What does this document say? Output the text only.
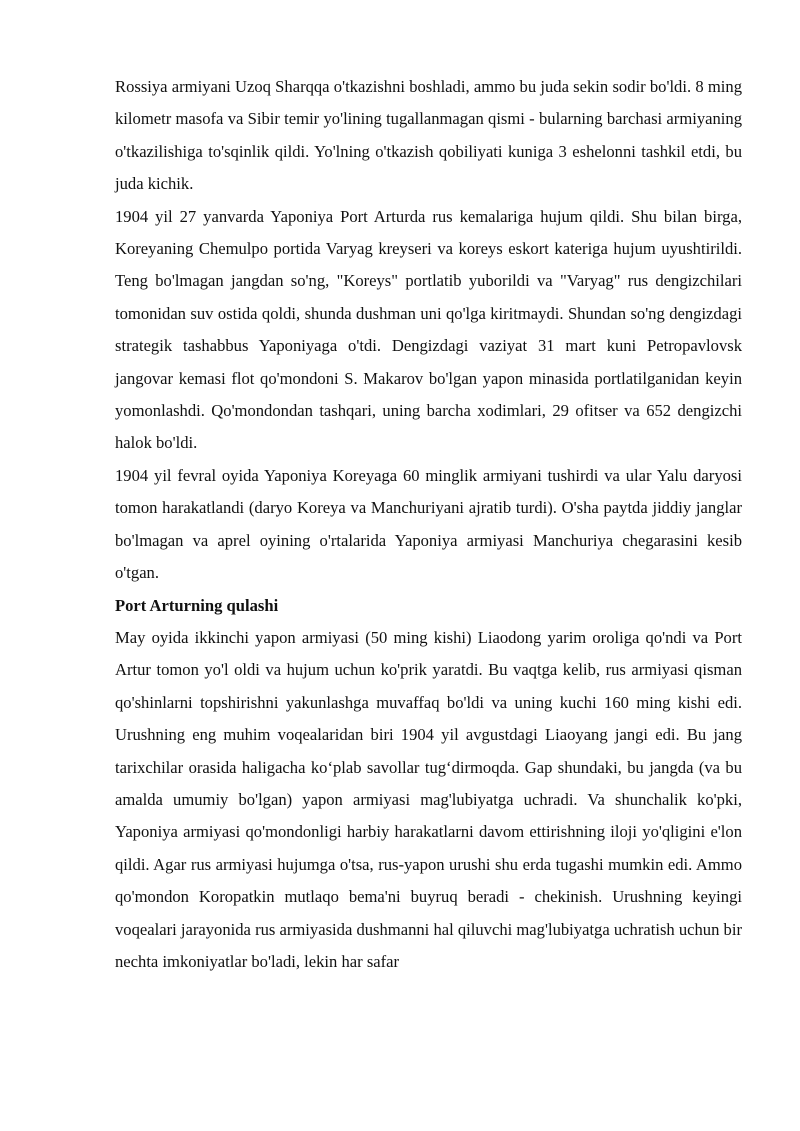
Rossiya armiyani Uzoq Sharqqa o'tkazishni boshladi, ammo bu juda sekin sodir bo'ldi. 8 ming kilometr masofa va Sibir temir yo'lining tugallanmagan qismi - bularning barchasi armiyaning o'tkazilishiga to'sqinlik qildi. Yo'lning o'tkazish qobiliyati kuniga 3 eshelonni tashkil etdi, bu juda kichik.

1904 yil 27 yanvarda Yaponiya Port Arturda rus kemalariga hujum qildi. Shu bilan birga, Koreyaning Chemulpo portida Varyag kreyseri va koreys eskort kateriga hujum uyushtirildi. Teng bo'lmagan jangdan so'ng, "Koreys" portlatib yuborildi va "Varyag" rus dengizchilari tomonidan suv ostida qoldi, shunda dushman uni qo'lga kiritmaydi. Shundan so'ng dengizdagi strategik tashabbus Yaponiyaga o'tdi. Dengizdagi vaziyat 31 mart kuni Petropavlovsk jangovar kemasi flot qo'mondoni S. Makarov bo'lgan yapon minasida portlatilganidan keyin yomonlashdi. Qo'mondondan tashqari, uning barcha xodimlari, 29 ofitser va 652 dengizchi halok bo'ldi.

1904 yil fevral oyida Yaponiya Koreyaga 60 minglik armiyani tushirdi va ular Yalu daryosi tomon harakatlandi (daryo Koreya va Manchuriyani ajratib turdi). O'sha paytda jiddiy janglar bo'lmagan va aprel oyining o'rtalarida Yaponiya armiyasi Manchuriya chegarasini kesib o'tgan.

Port Arturning qulashi

May oyida ikkinchi yapon armiyasi (50 ming kishi) Liaodong yarim oroliga qo'ndi va Port Artur tomon yo'l oldi va hujum uchun ko'prik yaratdi. Bu vaqtga kelib, rus armiyasi qisman qo'shinlarni topshirishni yakunlashga muvaffaq bo'ldi va uning kuchi 160 ming kishi edi. Urushning eng muhim voqealaridan biri 1904 yil avgustdagi Liaoyang jangi edi. Bu jang tarixchilar orasida haligacha ko‘plab savollar tug‘dirmoqda. Gap shundaki, bu jangda (va bu amalda umumiy bo'lgan) yapon armiyasi mag'lubiyatga uchradi. Va shunchalik ko'pki, Yaponiya armiyasi qo'mondonligi harbiy harakatlarni davom ettirishning iloji yo'qligini e'lon qildi. Agar rus armiyasi hujumga o'tsa, rus-yapon urushi shu erda tugashi mumkin edi. Ammo qo'mondon Koropatkin mutlaqo bema'ni buyruq beradi - chekinish. Urushning keyingi voqealari jarayonida rus armiyasida dushmanni hal qiluvchi mag'lubiyatga uchratish uchun bir nechta imkoniyatlar bo'ladi, lekin har safar
